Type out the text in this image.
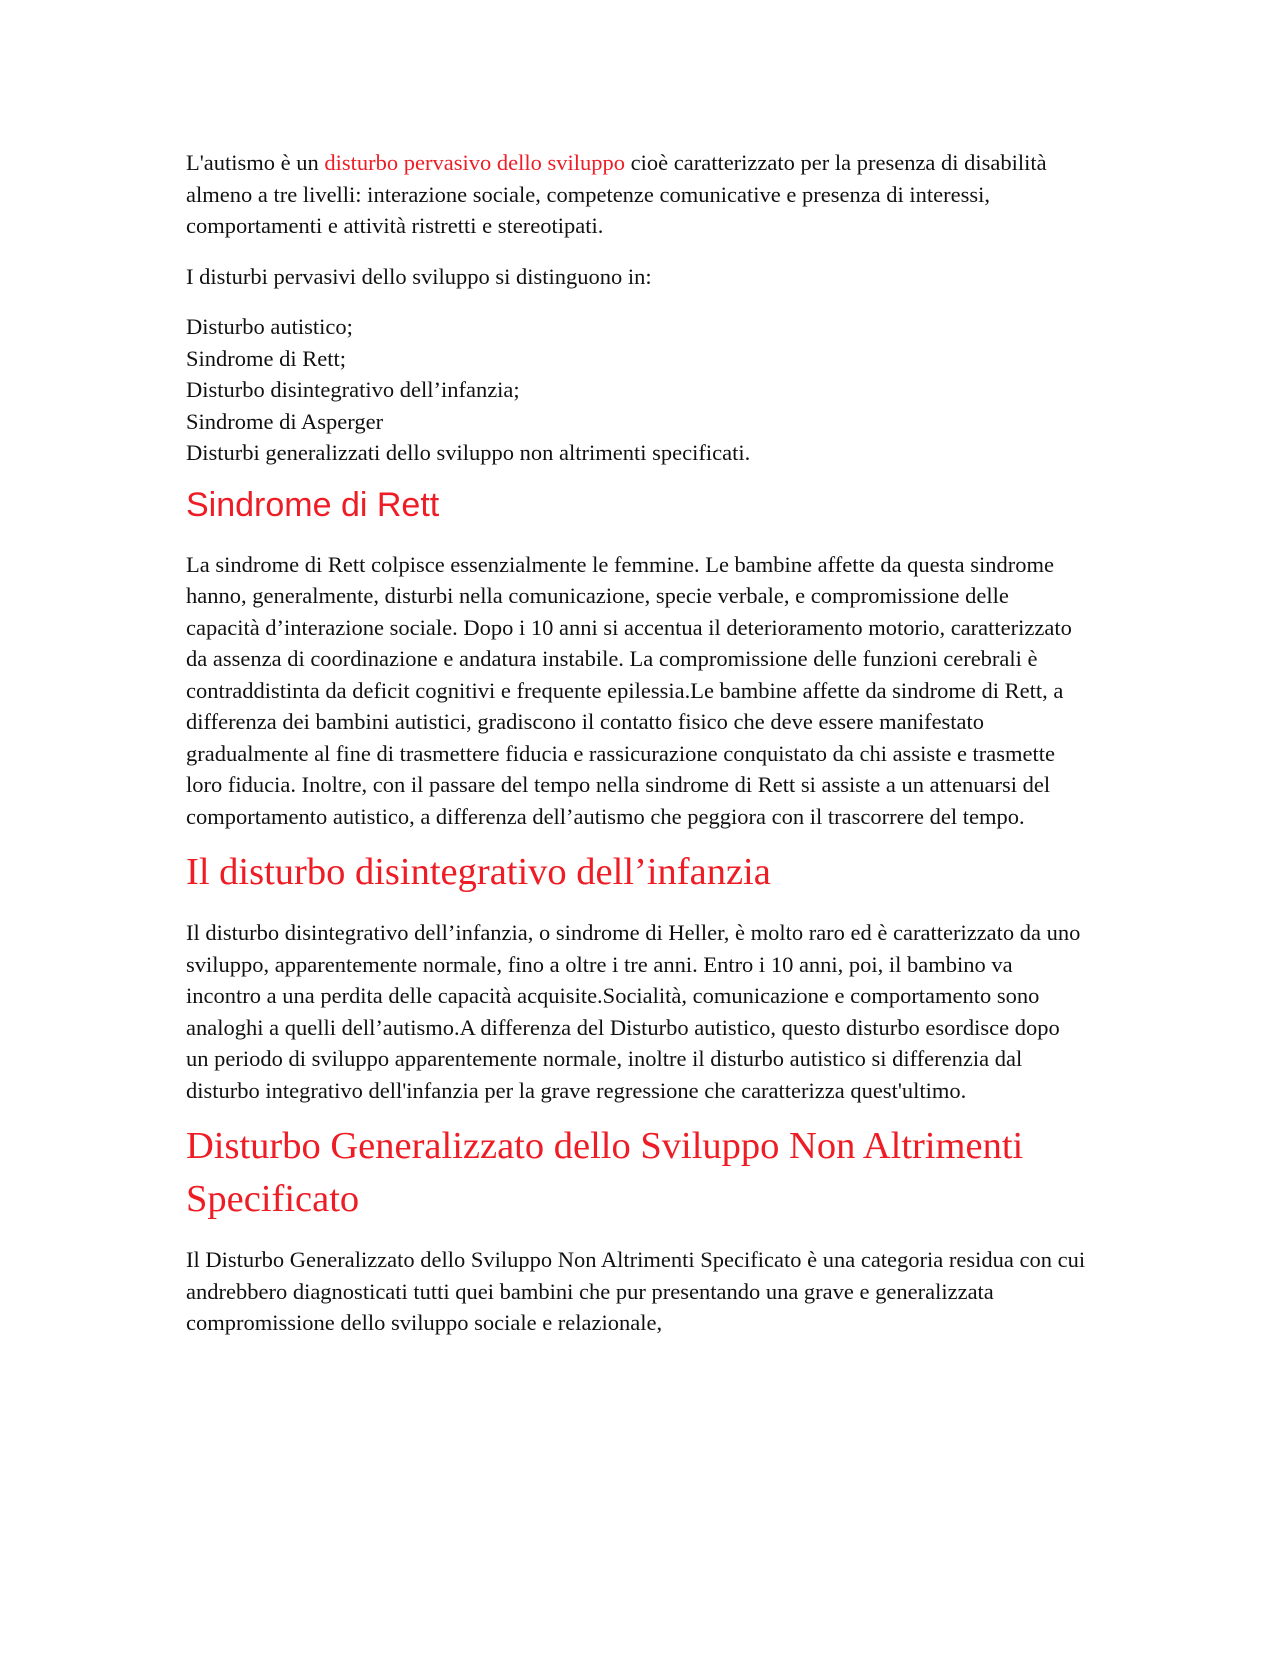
L'autismo è un disturbo pervasivo dello sviluppo cioè caratterizzato per la presenza di disabilità almeno a tre livelli: interazione sociale, competenze comunicative e presenza di interessi, comportamenti e attività ristretti e stereotipati.

I disturbi pervasivi dello sviluppo si distinguono in:

Disturbo autistico;
Sindrome di Rett;
Disturbo disintegrativo dell’infanzia;
Sindrome di Asperger
Disturbi generalizzati dello sviluppo non altrimenti specificati.

Sindrome di Rett

La sindrome di Rett colpisce essenzialmente le femmine. Le bambine affette da questa sindrome hanno, generalmente, disturbi nella comunicazione, specie verbale, e compromissione delle capacità d’interazione sociale. Dopo i 10 anni si accentua il deterioramento motorio, caratterizzato da assenza di coordinazione e andatura instabile. La compromissione delle funzioni cerebrali è contraddistinta da deficit cognitivi e frequente epilessia.Le bambine affette da sindrome di Rett, a differenza dei bambini autistici, gradiscono il contatto fisico che deve essere manifestato gradualmente al fine di trasmettere fiducia e rassicurazione conquistato da chi assiste e trasmette loro fiducia. Inoltre, con il passare del tempo nella sindrome di Rett si assiste a un attenuarsi del comportamento autistico, a differenza dell’autismo che peggiora con il trascorrere del tempo.

Il disturbo disintegrativo dell’infanzia

Il disturbo disintegrativo dell’infanzia, o sindrome di Heller, è molto raro ed è caratterizzato da uno sviluppo, apparentemente normale, fino a oltre i tre anni. Entro i 10 anni, poi, il bambino va incontro a una perdita delle capacità acquisite.Socialità, comunicazione e comportamento sono analoghi a quelli dell’autismo.A differenza del Disturbo autistico, questo disturbo esordisce dopo un periodo di sviluppo apparentemente normale, inoltre il disturbo autistico si differenzia dal disturbo integrativo dell'infanzia per la grave regressione che caratterizza quest'ultimo.

Disturbo Generalizzato dello Sviluppo Non Altrimenti Specificato

Il Disturbo Generalizzato dello Sviluppo Non Altrimenti Specificato è una categoria residua con cui andrebbero diagnosticati tutti quei bambini che pur presentando una grave e generalizzata compromissione dello sviluppo sociale e relazionale,
